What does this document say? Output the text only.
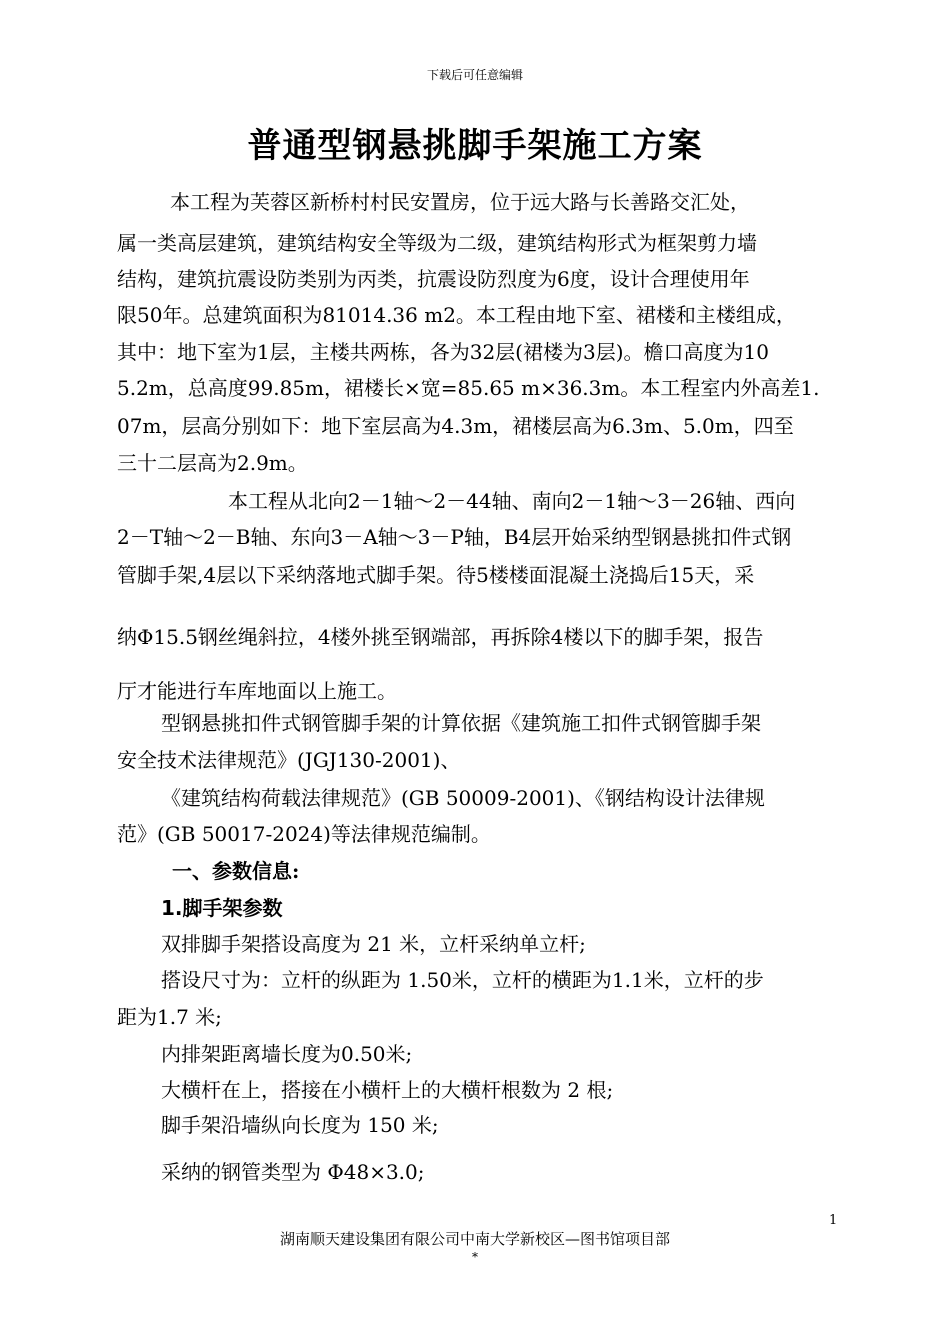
下载后可任意编辑
普通型钢悬挑脚手架施工方案
　本工程为芙蓉区新桥村村民安置房，位于远大路与长善路交汇处，
属一类高层建筑，建筑结构安全等级为二级，建筑结构形式为框架剪力墙
结构，建筑抗震设防类别为丙类，抗震设防烈度为6度，设计合理使用年
限50年。总建筑面积为81014.36 m2。本工程由地下室、裙楼和主楼组成，
其中：地下室为1层，主楼共两栋，各为32层(裙楼为3层)。檐口高度为10
5.2m，总高度99.85m，裙楼长×宽=85.65 m×36.3m。本工程室内外高差1.
07m，层高分别如下：地下室层高为4.3m，裙楼层高为6.3m、5.0m，四至
三十二层高为2.9m。
本工程从北向2－1轴～2－44轴、南向2－1轴～3－26轴、西向
2－T轴～2－B轴、东向3－A轴～3－P轴，B4层开始采纳型钢悬挑扣件式钢
管脚手架,4层以下采纳落地式脚手架。待5楼楼面混凝土浇捣后15天，采
纳Φ15.5钢丝绳斜拉，4楼外挑至钢端部，再拆除4楼以下的脚手架，报告
厅才能进行车库地面以上施工。
型钢悬挑扣件式钢管脚手架的计算依据《建筑施工扣件式钢管脚手架
安全技术法律规范》(JGJ130-2001)、
《建筑结构荷载法律规范》(GB 50009-2001)、《钢结构设计法律规
范》(GB 50017-2024)等法律规范编制。
一、参数信息:
1.脚手架参数
双排脚手架搭设高度为 21 米，立杆采纳单立杆;
搭设尺寸为：立杆的纵距为 1.50米，立杆的横距为1.1米，立杆的步
距为1.7 米;
内排架距离墙长度为0.50米;
大横杆在上，搭接在小横杆上的大横杆根数为 2 根;
脚手架沿墙纵向长度为 150 米;
采纳的钢管类型为 Φ48×3.0;
1
湖南顺天建设集团有限公司中南大学新校区—图书馆项目部
*
